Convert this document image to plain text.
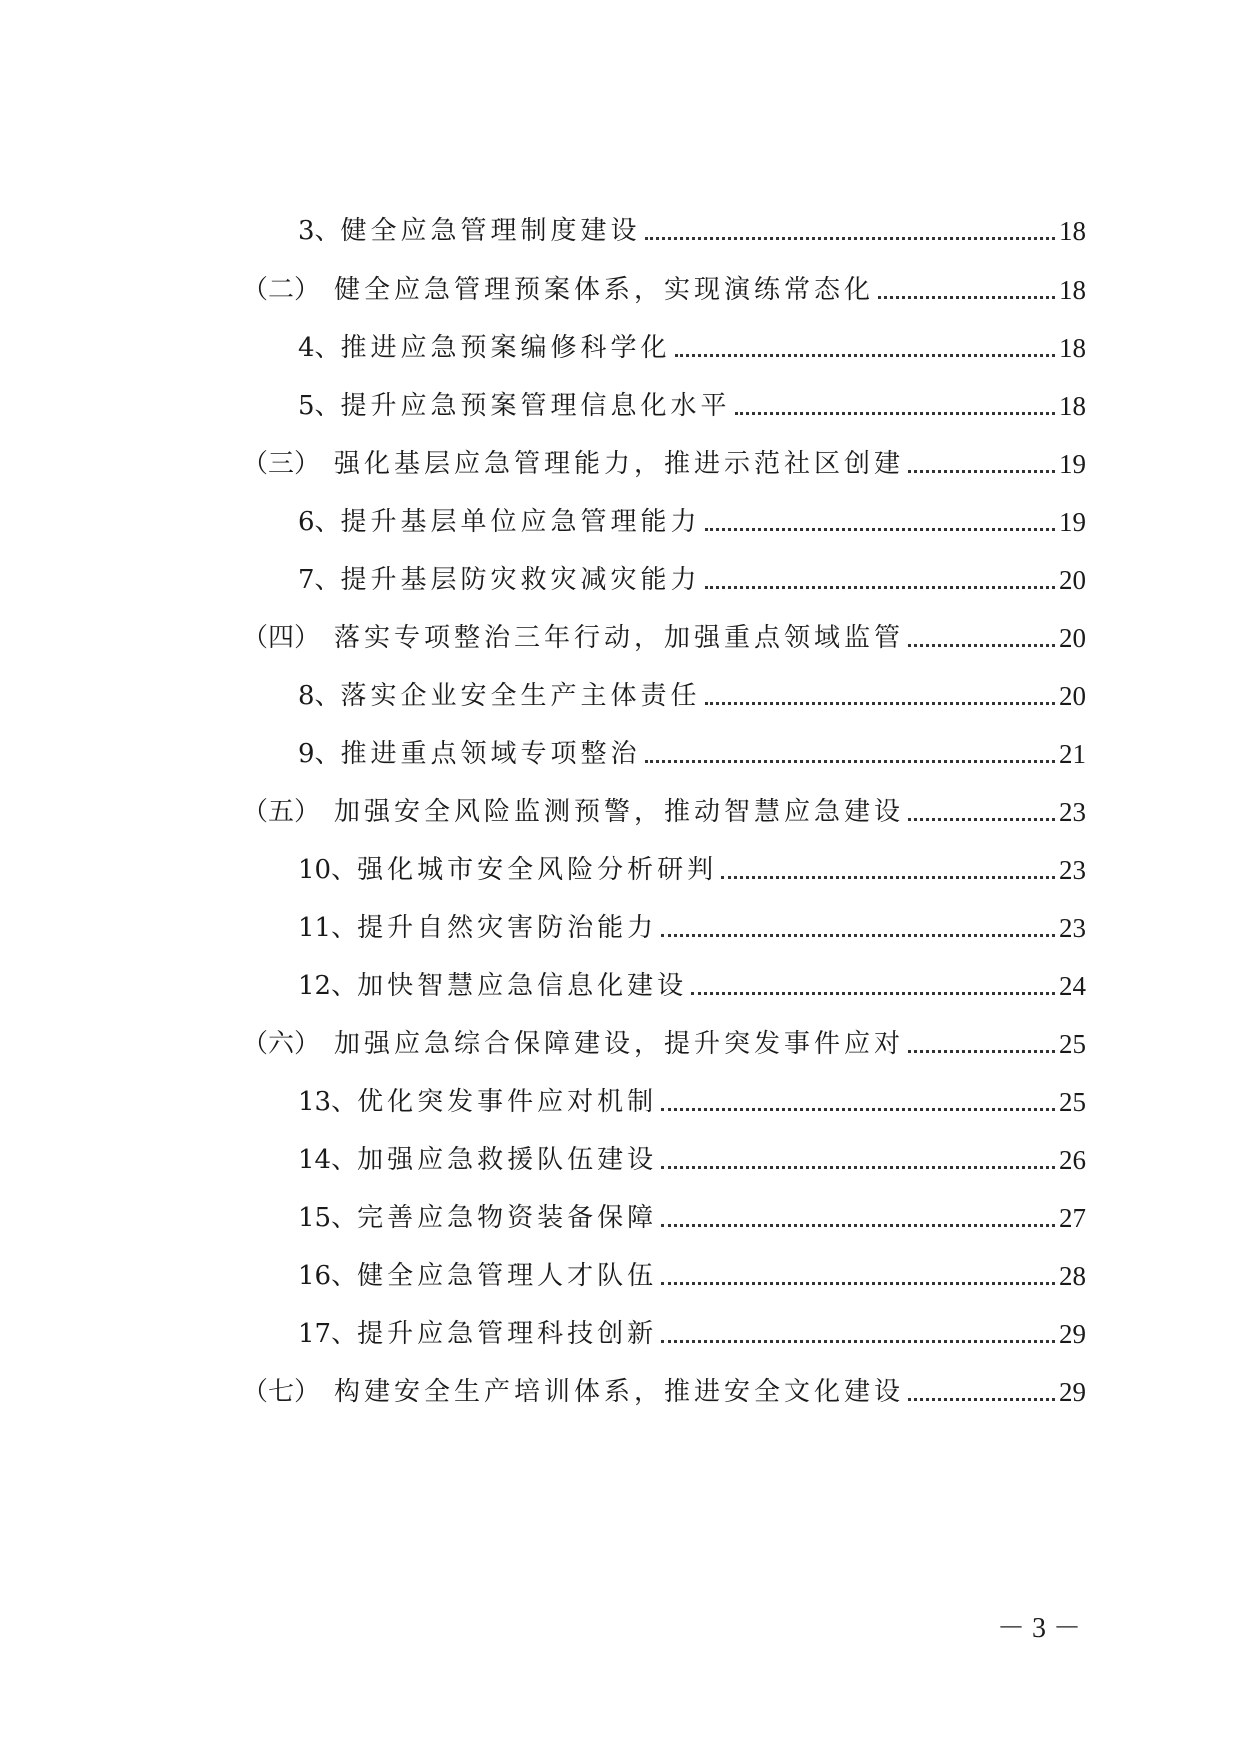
3、 健全应急管理制度建设	18
（二） 健全应急管理预案体系，实现演练常态化	18
4、 推进应急预案编修科学化	18
5、 提升应急预案管理信息化水平	18
（三） 强化基层应急管理能力，推进示范社区创建	19
6、 提升基层单位应急管理能力	19
7、 提升基层防灾救灾减灾能力	20
（四） 落实专项整治三年行动，加强重点领域监管	20
8、 落实企业安全生产主体责任	20
9、 推进重点领域专项整治	21
（五） 加强安全风险监测预警，推动智慧应急建设	23
10、 强化城市安全风险分析研判	23
11、 提升自然灾害防治能力	23
12、 加快智慧应急信息化建设	24
（六） 加强应急综合保障建设，提升突发事件应对	25
13、 优化突发事件应对机制	25
14、 加强应急救援队伍建设	26
15、 完善应急物资装备保障	27
16、 健全应急管理人才队伍	28
17、 提升应急管理科技创新	29
（七） 构建安全生产培训体系，推进安全文化建设	29
－ 3 －
